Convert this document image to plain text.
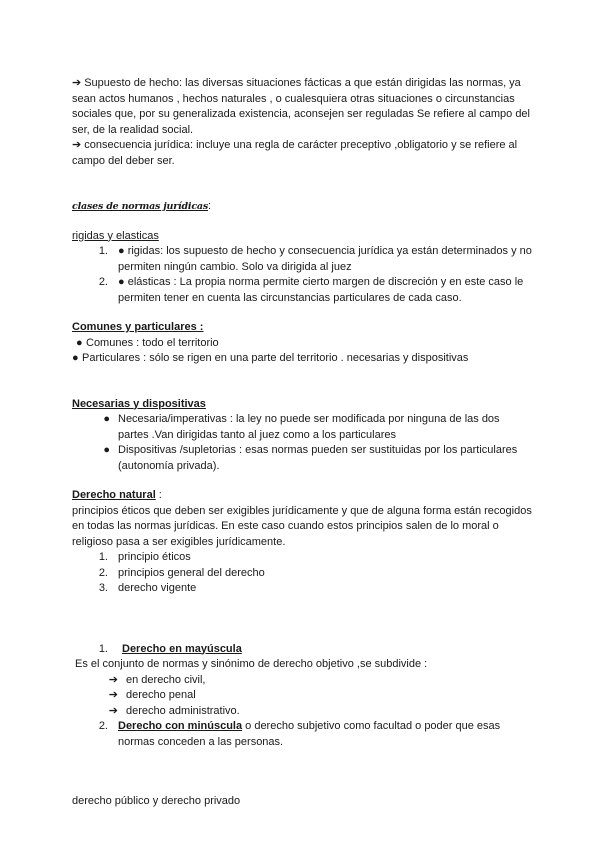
➔ Supuesto de hecho: las diversas situaciones fácticas a que están dirigidas las normas, ya sean actos humanos , hechos naturales , o cualesquiera otras situaciones o circunstancias sociales que, por su generalizada existencia, aconsejen ser reguladas Se refiere al campo del ser, de la realidad social.

➔ consecuencia jurídica: incluye una regla de carácter preceptivo ,obligatorio y se refiere al campo del deber ser.

clases de normas jurídicas:

rigidas y elasticas

1. ● rigidas: los supuesto de hecho y consecuencia jurídica ya están determinados y no permiten ningún cambio. Solo va dirigida al juez
2. ● elásticas : La propia norma permite cierto margen de discreción y en este caso le permiten tener en cuenta las circunstancias particulares de cada caso.

Comunes y particulares :

● Comunes : todo el territorio
● Particulares : sólo se rigen en una parte del territorio . necesarias y dispositivas

Necesarias y dispositivas

● Necesaria/imperativas : la ley no puede ser modificada por ninguna de las dos partes .Van dirigidas tanto al juez como a los particulares
● Dispositivas /supletorias : esas normas pueden ser sustituidas por los particulares (autonomía privada).

Derecho natural :

principios éticos que deben ser exigibles jurídicamente y que de alguna forma están recogidos en todas las normas jurídicas. En este caso cuando estos principios salen de lo moral o religioso pasa a ser exigibles jurídicamente.

1. principio éticos
2. principios general del derecho
3. derecho vigente
1.	Derecho en mayúscula

Es el conjunto de normas y sinónimo de derecho objetivo ,se subdivide :

➔ en derecho civil,
➔ derecho penal
➔ derecho administrativo.
2. Derecho con minúscula o derecho subjetivo como facultad o poder que esas normas conceden a las personas.

derecho público y derecho privado
